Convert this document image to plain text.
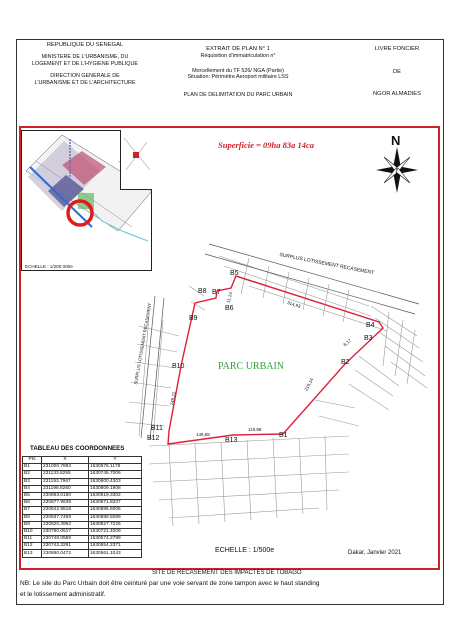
REPUBLIQUE DU SENEGAL
MINISTERE DE L'URBANISME, DU
LOGEMENT ET DE L'HYGIENE PUBLIQUE
DIRECTION GENERALE DE
L'URBANISME ET DE L'ARCHITECTURE
EXTRAIT DE PLAN N° 1
Réquisition d'immatriculation n°
Morcellement du TF 526/ NGA (Partie)
Situation: Périmètre Aeroport militaire LSS
PLAN DE DELIMITATION DU PARC URBAIN
LIVRE FONCIER
DE
NGOR ALMADIES
ECHELLE : 1/200 000e
Superficie = 09ha 83a 14ca	N
SURPLUS LOTISSEMENT RECASEMENT
SURPLUS LOTISSEMENT RECASEMENT	PARC URBAIN
314,93
8,17
219,14
149,68
119,88
148,22
11,14
B1
B2
B3
B4
B5
B6
B7
B8
B9
B10
B11
B12	B13
TABLEAU DES COORDONNEES
Pts	X	Y
B1	231000.7883	1630576.1178
B2	231133.8255	1630745.7006
B3	231193.7967	1630800.4303
B4	231198.8260	1630809.1908
B5	230893.0180	1630919.3302
B6	230877.9839	1630871.8337
B7	230842.9518	1630886.6005
B8	230837.7469	1630888.5089
B9	230820.3992	1630827.7226
B10	230790.0517	1630721.4009
B11	230748.0589	1630574.2799
B12	230742.3291	1630554.2371
B13	230890.0472	1630561.1043	ECHELLE : 1/500e	Dakar, Janvier 2021
SITE DE RECASEMENT DES IMPACTES DE TOBAGO
NB: Le site du Parc Urbain doit être ceinturé par une voie servant de zone tampon avec le haut standing
et le lotissement administratif.
